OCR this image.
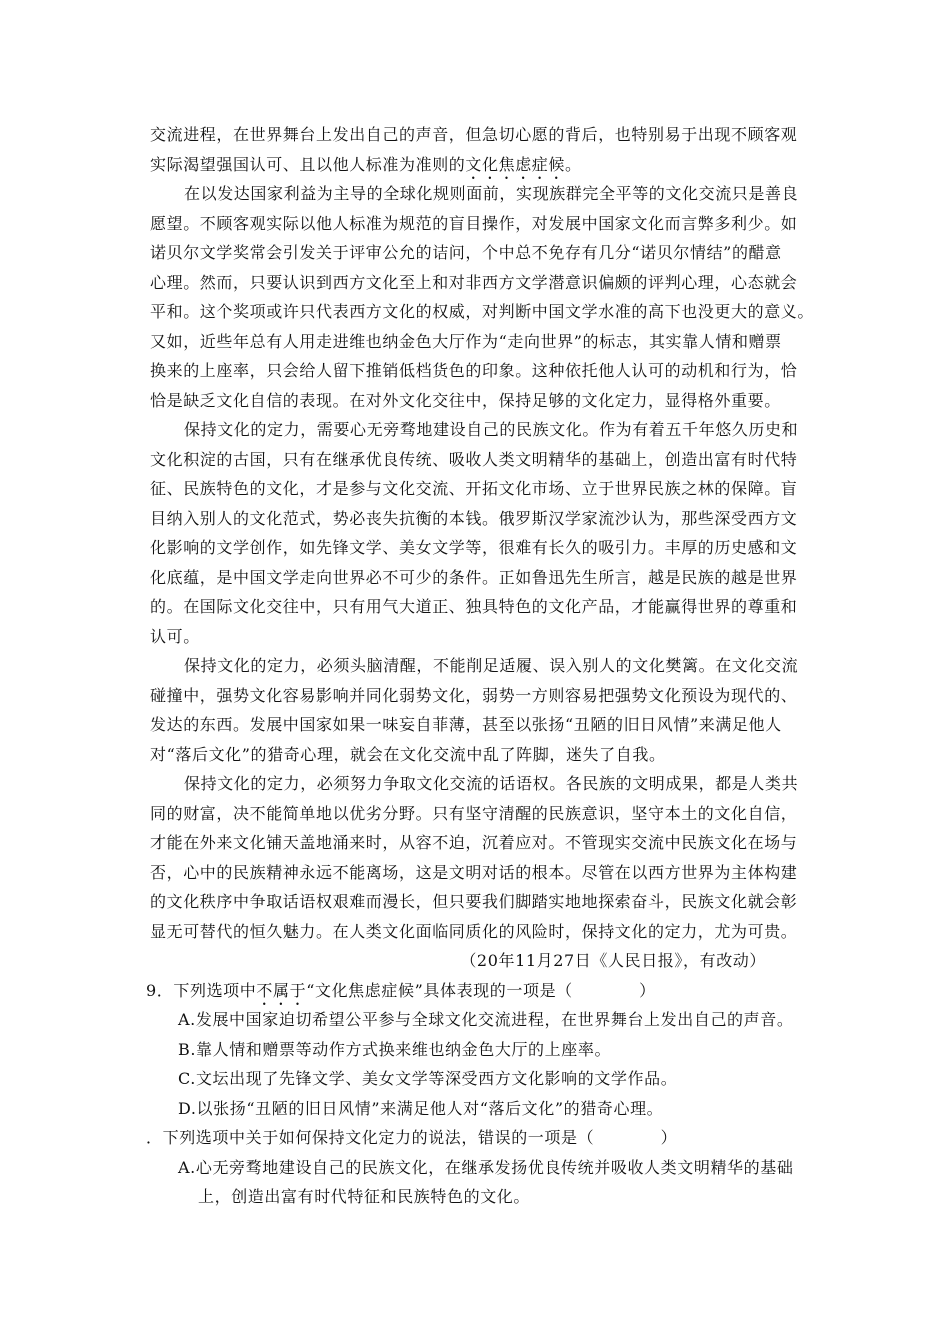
交流进程，在世界舞台上发出自己的声音，但急切心愿的背后，也特别易于出现不顾客观
实际渴望强国认可、且以他人标准为准则的文化焦虑症候。
在以发达国家利益为主导的全球化规则面前，实现族群完全平等的文化交流只是善良
愿望。不顾客观实际以他人标准为规范的盲目操作，对发展中国家文化而言弊多利少。如
诺贝尔文学奖常会引发关于评审公允的诘问，个中总不免存有几分“诺贝尔情结”的醋意
心理。然而，只要认识到西方文化至上和对非西方文学潜意识偏颇的评判心理，心态就会
平和。这个奖项或许只代表西方文化的权威，对判断中国文学水准的高下也没更大的意义。
又如，近些年总有人用走进维也纳金色大厅作为“走向世界”的标志，其实靠人情和赠票
换来的上座率，只会给人留下推销低档货色的印象。这种依托他人认可的动机和行为，恰
恰是缺乏文化自信的表现。在对外文化交往中，保持足够的文化定力，显得格外重要。
保持文化的定力，需要心无旁骛地建设自己的民族文化。作为有着五千年悠久历史和
文化积淀的古国，只有在继承优良传统、吸收人类文明精华的基础上，创造出富有时代特
征、民族特色的文化，才是参与文化交流、开拓文化市场、立于世界民族之林的保障。盲
目纳入别人的文化范式，势必丧失抗衡的本钱。俄罗斯汉学家流沙认为，那些深受西方文
化影响的文学创作，如先锋文学、美女文学等，很难有长久的吸引力。丰厚的历史感和文
化底蕴，是中国文学走向世界必不可少的条件。正如鲁迅先生所言，越是民族的越是世界
的。在国际文化交往中，只有用气大道正、独具特色的文化产品，才能赢得世界的尊重和
认可。
保持文化的定力，必须头脑清醒，不能削足适履、误入别人的文化樊篱。在文化交流
碰撞中，强势文化容易影响并同化弱势文化，弱势一方则容易把强势文化预设为现代的、
发达的东西。发展中国家如果一味妄自菲薄，甚至以张扬“丑陋的旧日风情”来满足他人
对“落后文化”的猎奇心理，就会在文化交流中乱了阵脚，迷失了自我。
保持文化的定力，必须努力争取文化交流的话语权。各民族的文明成果，都是人类共
同的财富，决不能简单地以优劣分野。只有坚守清醒的民族意识，坚守本土的文化自信，
才能在外来文化铺天盖地涌来时，从容不迫，沉着应对。不管现实交流中民族文化在场与
否，心中的民族精神永远不能离场，这是文明对话的根本。尽管在以西方世界为主体构建
的文化秩序中争取话语权艰难而漫长，但只要我们脚踏实地地探索奋斗，民族文化就会彰
显无可替代的恒久魅力。在人类文化面临同质化的风险时，保持文化的定力，尤为可贵。
（20年11月27日《人民日报》，有改动）
9．下列选项中不属于“文化焦虑症候”具体表现的一项是（　　　　）
A.发展中国家迫切希望公平参与全球文化交流进程，在世界舞台上发出自己的声音。
B.靠人情和赠票等动作方式换来维也纳金色大厅的上座率。
C.文坛出现了先锋文学、美女文学等深受西方文化影响的文学作品。
D.以张扬“丑陋的旧日风情”来满足他人对“落后文化”的猎奇心理。
．下列选项中关于如何保持文化定力的说法，错误的一项是（　　　　）
A.心无旁骛地建设自己的民族文化，在继承发扬优良传统并吸收人类文明精华的基础
上，创造出富有时代特征和民族特色的文化。
